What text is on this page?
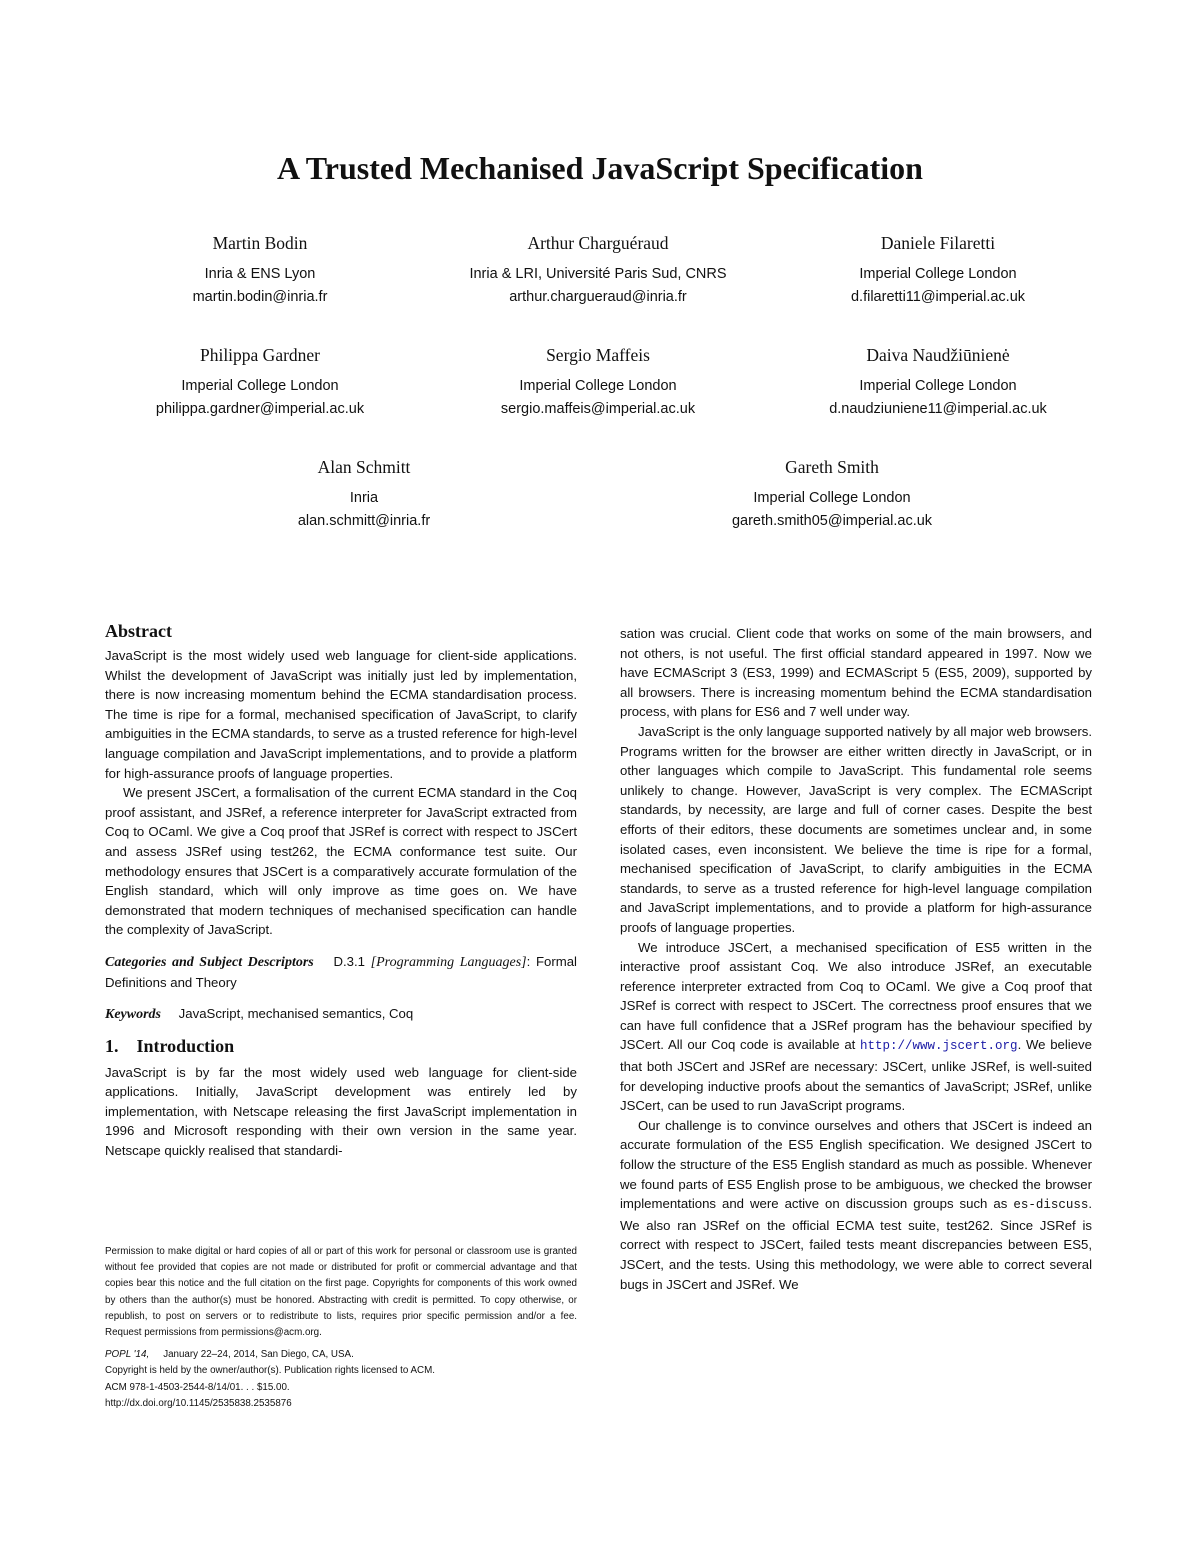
A Trusted Mechanised JavaScript Specification
Martin Bodin
Inria & ENS Lyon
martin.bodin@inria.fr
Arthur Charguéraud
Inria & LRI, Université Paris Sud, CNRS
arthur.chargueraud@inria.fr
Daniele Filaretti
Imperial College London
d.filaretti11@imperial.ac.uk
Philippa Gardner
Imperial College London
philippa.gardner@imperial.ac.uk
Sergio Maffeis
Imperial College London
sergio.maffeis@imperial.ac.uk
Daiva Naudžiūnienė
Imperial College London
d.naudziuniene11@imperial.ac.uk
Alan Schmitt
Inria
alan.schmitt@inria.fr
Gareth Smith
Imperial College London
gareth.smith05@imperial.ac.uk
Abstract

JavaScript is the most widely used web language for client-side applications. Whilst the development of JavaScript was initially just led by implementation, there is now increasing momentum behind the ECMA standardisation process. The time is ripe for a formal, mechanised specification of JavaScript, to clarify ambiguities in the ECMA standards, to serve as a trusted reference for high-level language compilation and JavaScript implementations, and to provide a platform for high-assurance proofs of language properties.

We present JSCert, a formalisation of the current ECMA standard in the Coq proof assistant, and JSRef, a reference interpreter for JavaScript extracted from Coq to OCaml. We give a Coq proof that JSRef is correct with respect to JSCert and assess JSRef using test262, the ECMA conformance test suite. Our methodology ensures that JSCert is a comparatively accurate formulation of the English standard, which will only improve as time goes on. We have demonstrated that modern techniques of mechanised specification can handle the complexity of JavaScript.

Categories and Subject Descriptors D.3.1 [Programming Languages]: Formal Definitions and Theory
Keywords JavaScript, mechanised semantics, Coq
1. Introduction

JavaScript is by far the most widely used web language for client-side applications. Initially, JavaScript development was entirely led by implementation, with Netscape releasing the first JavaScript implementation in 1996 and Microsoft responding with their own version in the same year. Netscape quickly realised that standardi-

Permission to make digital or hard copies of all or part of this work for personal or classroom use is granted without fee provided that copies are not made or distributed for profit or commercial advantage and that copies bear this notice and the full citation on the first page. Copyrights for components of this work owned by others than the author(s) must be honored. Abstracting with credit is permitted. To copy otherwise, or republish, to post on servers or to redistribute to lists, requires prior specific permission and/or a fee. Request permissions from permissions@acm.org.
POPL '14, January 22–24, 2014, San Diego, CA, USA.
Copyright is held by the owner/author(s). Publication rights licensed to ACM.
ACM 978-1-4503-2544-8/14/01. . . $15.00.
http://dx.doi.org/10.1145/2535838.2535876

sation was crucial. Client code that works on some of the main browsers, and not others, is not useful. The first official standard appeared in 1997. Now we have ECMAScript 3 (ES3, 1999) and ECMAScript 5 (ES5, 2009), supported by all browsers. There is increasing momentum behind the ECMA standardisation process, with plans for ES6 and 7 well under way.

JavaScript is the only language supported natively by all major web browsers. Programs written for the browser are either written directly in JavaScript, or in other languages which compile to JavaScript. This fundamental role seems unlikely to change. However, JavaScript is very complex. The ECMAScript standards, by necessity, are large and full of corner cases. Despite the best efforts of their editors, these documents are sometimes unclear and, in some isolated cases, even inconsistent. We believe the time is ripe for a formal, mechanised specification of JavaScript, to clarify ambiguities in the ECMA standards, to serve as a trusted reference for high-level language compilation and JavaScript implementations, and to provide a platform for high-assurance proofs of language properties.

We introduce JSCert, a mechanised specification of ES5 written in the interactive proof assistant Coq. We also introduce JSRef, an executable reference interpreter extracted from Coq to OCaml. We give a Coq proof that JSRef is correct with respect to JSCert. The correctness proof ensures that we can have full confidence that a JSRef program has the behaviour specified by JSCert. All our Coq code is available at http://www.jscert.org. We believe that both JSCert and JSRef are necessary: JSCert, unlike JSRef, is well-suited for developing inductive proofs about the semantics of JavaScript; JSRef, unlike JSCert, can be used to run JavaScript programs.

Our challenge is to convince ourselves and others that JSCert is indeed an accurate formulation of the ES5 English specification. We designed JSCert to follow the structure of the ES5 English standard as much as possible. Whenever we found parts of ES5 English prose to be ambiguous, we checked the browser implementations and were active on discussion groups such as es-discuss. We also ran JSRef on the official ECMA test suite, test262. Since JSRef is correct with respect to JSCert, failed tests meant discrepancies between ES5, JSCert, and the tests. Using this methodology, we were able to correct several bugs in JSCert and JSRef. We
